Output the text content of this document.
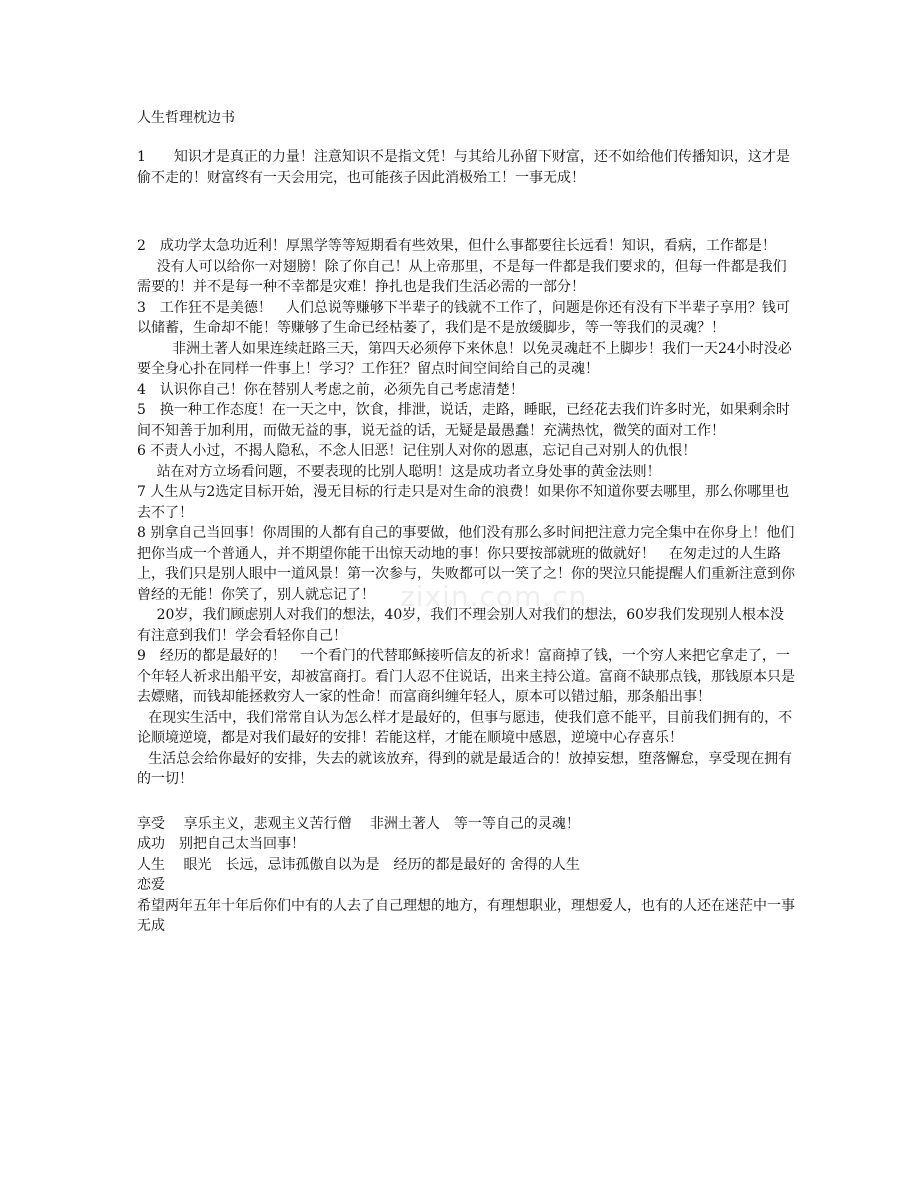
人生哲理枕边书

1　　知识才是真正的力量！注意知识不是指文凭！与其给儿孙留下财富，还不如给他们传播知识，这才是偷不走的！财富终有一天会用完，也可能孩子因此消极殆工！一事无成！

2　成功学太急功近利！厚黑学等等短期看有些效果，但什么事都要往长远看！知识，看病，工作都是！

没有人可以给你一对翅膀！除了你自己！从上帝那里，不是每一件都是我们要求的，但每一件都是我们需要的！并不是每一种不幸都是灾难！挣扎也是我们生活必需的一部分！

3　工作狂不是美德！　人们总说等赚够下半辈子的钱就不工作了，问题是你还有没有下半辈子享用？钱可以储蓄，生命却不能！等赚够了生命已经枯萎了，我们是不是放缓脚步，等一等我们的灵魂？！

非洲土著人如果连续赶路三天，第四天必须停下来休息！以免灵魂赶不上脚步！我们一天24小时没必要全身心扑在同样一件事上！学习？工作狂？留点时间空间给自己的灵魂！

4　认识你自己！你在替别人考虑之前，必须先自己考虑清楚！

5　换一种工作态度！在一天之中，饮食，排泄，说话，走路，睡眠，已经花去我们许多时光，如果剩余时间不知善于加利用，而做无益的事，说无益的话，无疑是最愚蠢！充满热忱，微笑的面对工作！

6 不责人小过，不揭人隐私，不念人旧恶！记住别人对你的恩惠，忘记自己对别人的仇恨！

站在对方立场看问题，不要表现的比别人聪明！这是成功者立身处事的黄金法则！

7 人生从与2选定目标开始，漫无目标的行走只是对生命的浪费！如果你不知道你要去哪里，那么你哪里也去不了！

8 别拿自己当回事！你周围的人都有自己的事要做，他们没有那么多时间把注意力完全集中在你身上！他们把你当成一个普通人，并不期望你能干出惊天动地的事！你只要按部就班的做就好！　在匆走过的人生路上，我们只是别人眼中一道风景！第一次参与，失败都可以一笑了之！你的哭泣只能提醒人们重新注意到你曾经的无能！你笑了，别人就忘记了！

20岁，我们顾虑别人对我们的想法，40岁，我们不理会别人对我们的想法，60岁我们发现别人根本没有注意到我们！学会看轻你自己！

9　经历的都是最好的！　一个看门的代替耶稣接听信友的祈求！富商掉了钱，一个穷人来把它拿走了，一个年轻人祈求出船平安，却被富商打。看门人忍不住说话，出来主持公道。富商不缺那点钱，那钱原本只是去嫖赌，而钱却能拯救穷人一家的性命！而富商纠缠年轻人，原本可以错过船，那条船出事！

在现实生活中，我们常常自认为怎么样才是最好的，但事与愿违，使我们意不能平，目前我们拥有的，不论顺境逆境，都是对我们最好的安排！若能这样，才能在顺境中感恩，逆境中心存喜乐！

生活总会给你最好的安排，失去的就该放弃，得到的就是最适合的！放掉妄想，堕落懈怠，享受现在拥有的一切！

享受　 享乐主义，悲观主义苦行僧　 非洲土著人　等一等自己的灵魂！

成功　别把自己太当回事！

人生　 眼光　长远，忌讳孤傲自以为是　经历的都是最好的 舍得的人生

恋爱

希望两年五年十年后你们中有的人去了自己理想的地方，有理想职业，理想爱人，也有的人还在迷茫中一事无成

zixin.com.cn
